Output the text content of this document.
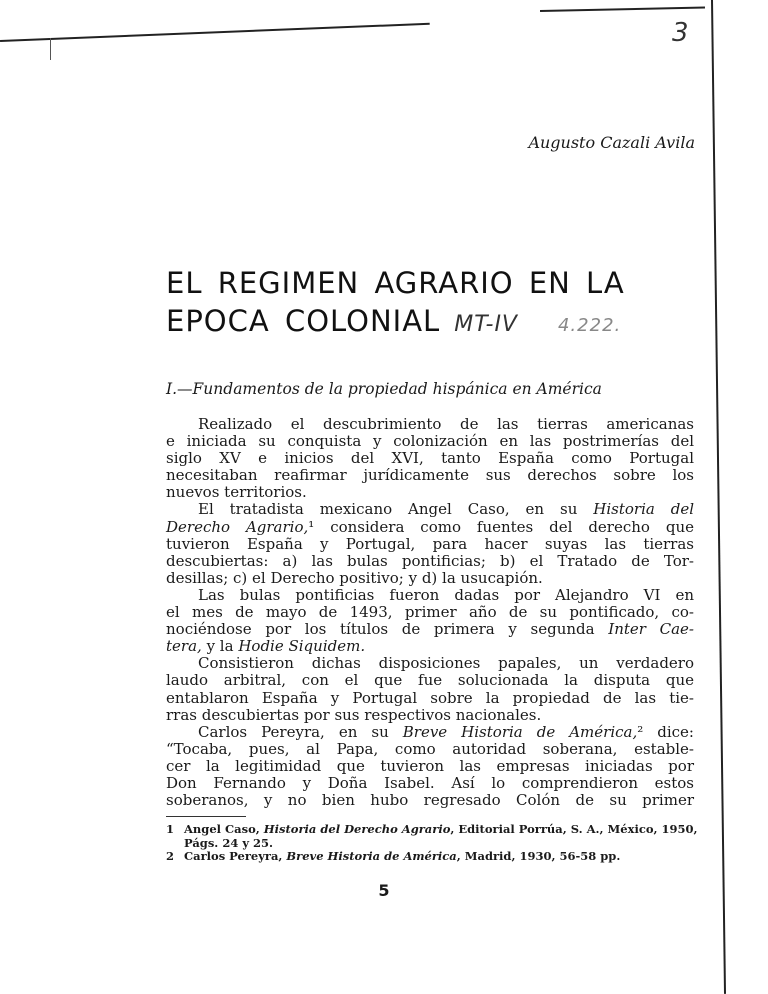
3
Augusto Cazali Avila
EL REGIMEN AGRARIO EN LA
EPOCA COLONIAL MT-IV 4.222.
I.—Fundamentos de la propiedad hispánica en América
Realizado el descubrimiento de las tierras americanas
e iniciada su conquista y colonización en las postrimerías del
siglo XV e inicios del XVI, tanto España como Portugal
necesitaban reafirmar jurídicamente sus derechos sobre los
nuevos territorios.
El tratadista mexicano Angel Caso, en su Historia del
Derecho Agrario,¹ considera como fuentes del derecho que
tuvieron España y Portugal, para hacer suyas las tierras
descubiertas: a) las bulas pontificias; b) el Tratado de Tor-
desillas; c) el Derecho positivo; y d) la usucapión.
Las bulas pontificias fueron dadas por Alejandro VI en
el mes de mayo de 1493, primer año de su pontificado, co-
nociéndose por los títulos de primera y segunda Inter Cae-
tera, y la Hodie Siquidem.
Consistieron dichas disposiciones papales, un verdadero
laudo arbitral, con el que fue solucionada la disputa que
entablaron España y Portugal sobre la propiedad de las tie-
rras descubiertas por sus respectivos nacionales.
Carlos Pereyra, en su Breve Historia de América,² dice:
“Tocaba, pues, al Papa, como autoridad soberana, estable-
cer la legitimidad que tuvieron las empresas iniciadas por
Don Fernando y Doña Isabel. Así lo comprendieron estos
soberanos, y no bien hubo regresado Colón de su primer
1 Angel Caso, Historia del Derecho Agrario, Editorial Porrúa, S. A., México, 1950, Págs. 24 y 25.
2 Carlos Pereyra, Breve Historia de América, Madrid, 1930, 56-58 pp.
5
